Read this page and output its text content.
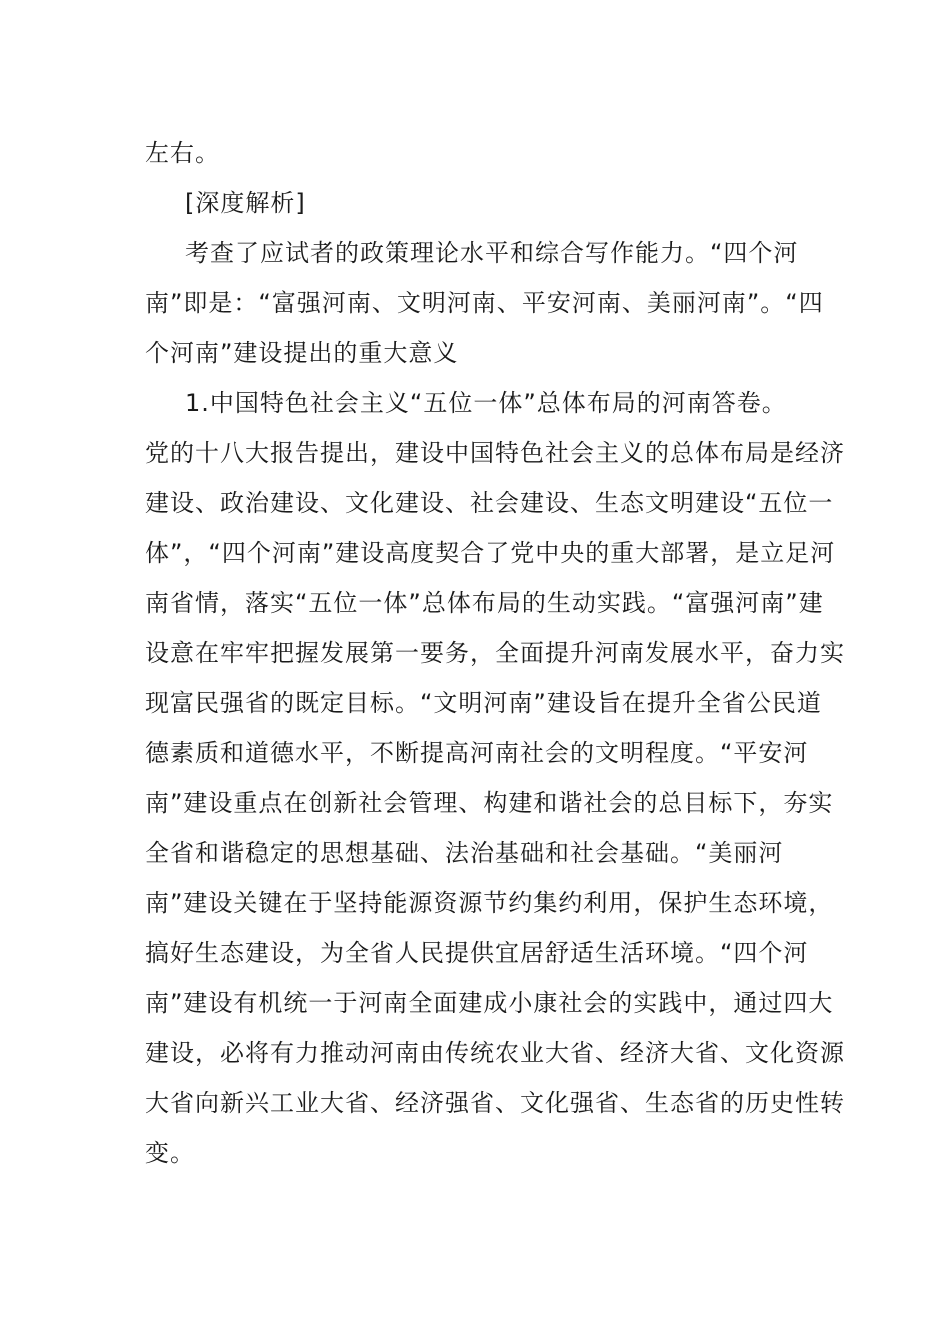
左右。

[深度解析]

考查了应试者的政策理论水平和综合写作能力。“四个河南”即是：“富强河南、文明河南、平安河南、美丽河南”。“四个河南”建设提出的重大意义

1.中国特色社会主义“五位一体”总体布局的河南答卷。

党的十八大报告提出，建设中国特色社会主义的总体布局是经济建设、政治建设、文化建设、社会建设、生态文明建设“五位一体”，“四个河南”建设高度契合了党中央的重大部署，是立足河南省情，落实“五位一体”总体布局的生动实践。“富强河南”建设意在牢牢把握发展第一要务，全面提升河南发展水平，奋力实现富民强省的既定目标。“文明河南”建设旨在提升全省公民道德素质和道德水平，不断提高河南社会的文明程度。“平安河南”建设重点在创新社会管理、构建和谐社会的总目标下，夯实全省和谐稳定的思想基础、法治基础和社会基础。“美丽河南”建设关键在于坚持能源资源节约集约利用，保护生态环境，搞好生态建设，为全省人民提供宜居舒适生活环境。“四个河南”建设有机统一于河南全面建成小康社会的实践中，通过四大建设，必将有力推动河南由传统农业大省、经济大省、文化资源大省向新兴工业大省、经济强省、文化强省、生态省的历史性转变。
